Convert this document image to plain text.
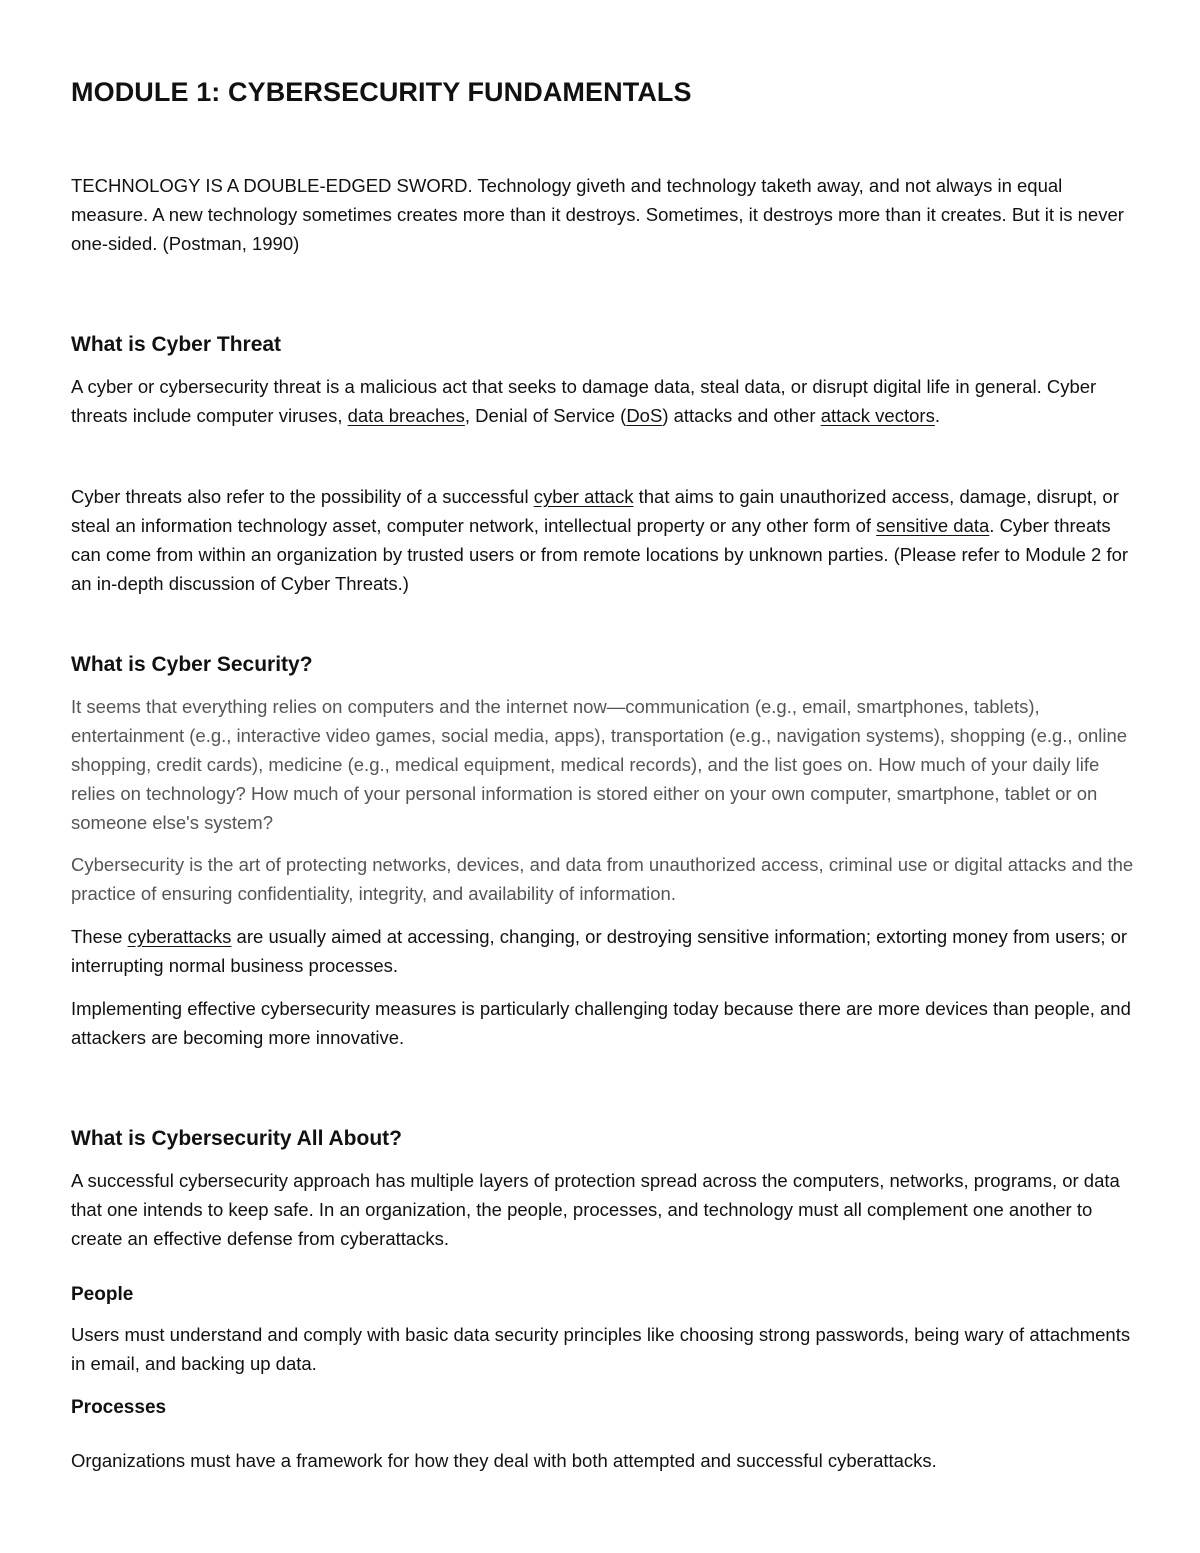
MODULE 1: CYBERSECURITY FUNDAMENTALS

TECHNOLOGY IS A DOUBLE-EDGED SWORD. Technology giveth and technology taketh away, and not always in equal measure. A new technology sometimes creates more than it destroys. Sometimes, it destroys more than it creates. But it is never one-sided. (Postman, 1990)

What is Cyber Threat

A cyber or cybersecurity threat is a malicious act that seeks to damage data, steal data, or disrupt digital life in general. Cyber threats include computer viruses, data breaches, Denial of Service (DoS) attacks and other attack vectors.

Cyber threats also refer to the possibility of a successful cyber attack that aims to gain unauthorized access, damage, disrupt, or steal an information technology asset, computer network, intellectual property or any other form of sensitive data. Cyber threats can come from within an organization by trusted users or from remote locations by unknown parties. (Please refer to Module 2 for an in-depth discussion of Cyber Threats.)

What is Cyber Security?

It seems that everything relies on computers and the internet now—communication (e.g., email, smartphones, tablets), entertainment (e.g., interactive video games, social media, apps), transportation (e.g., navigation systems), shopping (e.g., online shopping, credit cards), medicine (e.g., medical equipment, medical records), and the list goes on. How much of your daily life relies on technology? How much of your personal information is stored either on your own computer, smartphone, tablet or on someone else's system?

Cybersecurity is the art of protecting networks, devices, and data from unauthorized access, criminal use or digital attacks and the practice of ensuring confidentiality, integrity, and availability of information.

These cyberattacks are usually aimed at accessing, changing, or destroying sensitive information; extorting money from users; or interrupting normal business processes.

Implementing effective cybersecurity measures is particularly challenging today because there are more devices than people, and attackers are becoming more innovative.

What is Cybersecurity All About?

A successful cybersecurity approach has multiple layers of protection spread across the computers, networks, programs, or data that one intends to keep safe. In an organization, the people, processes, and technology must all complement one another to create an effective defense from cyberattacks.

People

Users must understand and comply with basic data security principles like choosing strong passwords, being wary of attachments in email, and backing up data.

Processes

Organizations must have a framework for how they deal with both attempted and successful cyberattacks.
